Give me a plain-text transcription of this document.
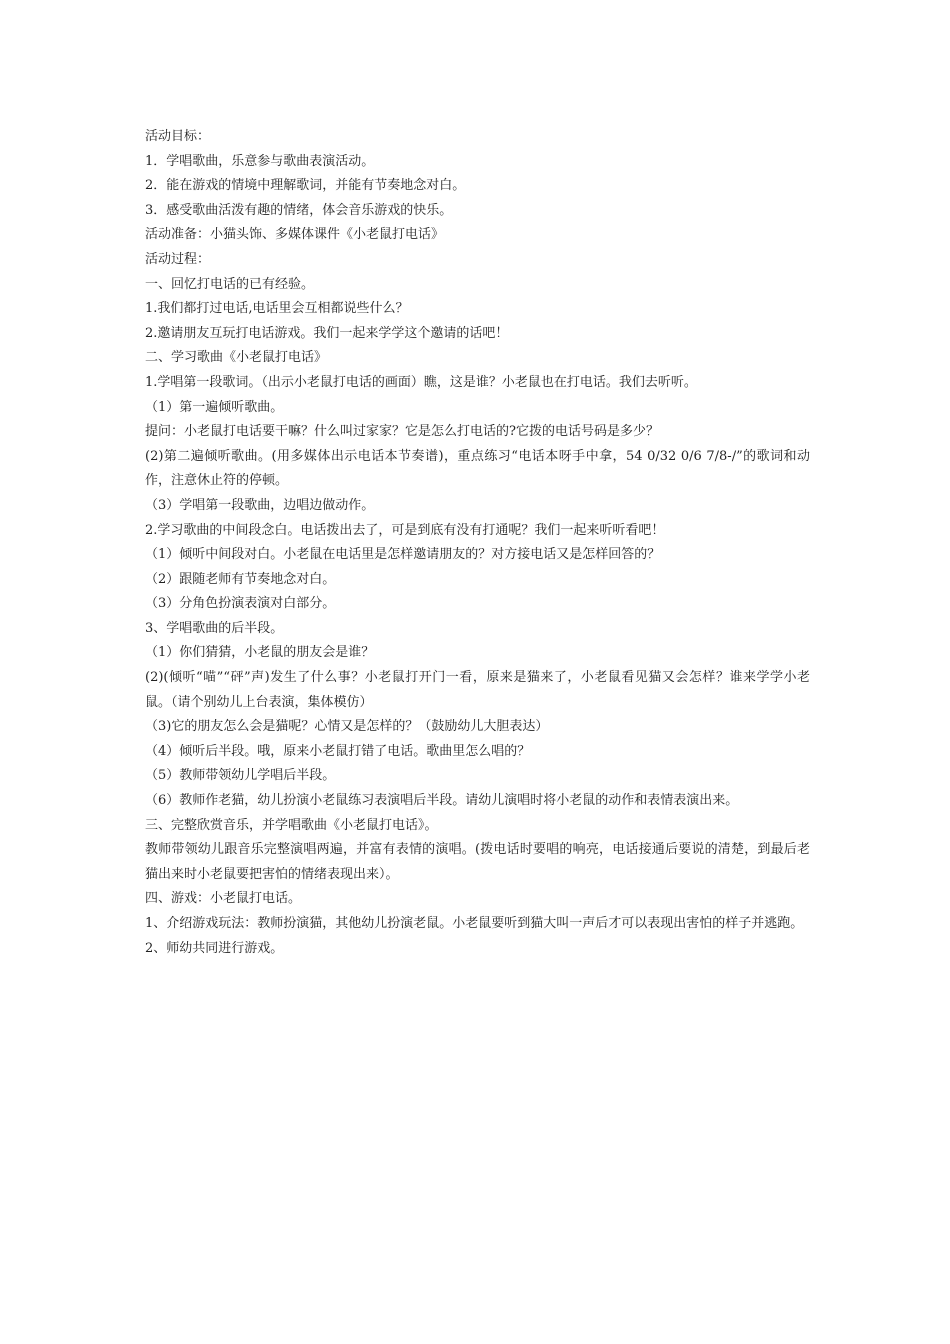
活动目标：

1．学唱歌曲，乐意参与歌曲表演活动。

2．能在游戏的情境中理解歌词，并能有节奏地念对白。

3．感受歌曲活泼有趣的情绪，体会音乐游戏的快乐。

活动准备：小猫头饰、多媒体课件《小老鼠打电话》

活动过程：

一、回忆打电话的已有经验。

1.我们都打过电话,电话里会互相都说些什么？

2.邀请朋友互玩打电话游戏。我们一起来学学这个邀请的话吧！

二、学习歌曲《小老鼠打电话》

1.学唱第一段歌词。（出示小老鼠打电话的画面）瞧，这是谁？小老鼠也在打电话。我们去听听。

（1）第一遍倾听歌曲。

提问：小老鼠打电话要干嘛？什么叫过家家？它是怎么打电话的?它拨的电话号码是多少？

(2)第二遍倾听歌曲。(用多媒体出示电话本节奏谱)，重点练习“电话本呀手中拿，54 0/32 0/6 7/8-/”的歌词和动作，注意休止符的停顿。

（3）学唱第一段歌曲，边唱边做动作。

2.学习歌曲的中间段念白。电话拨出去了，可是到底有没有打通呢？我们一起来听听看吧！

（1）倾听中间段对白。小老鼠在电话里是怎样邀请朋友的？对方接电话又是怎样回答的？

（2）跟随老师有节奏地念对白。

（3）分角色扮演表演对白部分。

3、学唱歌曲的后半段。

（1）你们猜猜，小老鼠的朋友会是谁？

(2)(倾听“喵”“砰”声)发生了什么事？小老鼠打开门一看，原来是猫来了，小老鼠看见猫又会怎样？谁来学学小老鼠。（请个别幼儿上台表演，集体模仿）

（3)它的朋友怎么会是猫呢？心情又是怎样的？（鼓励幼儿大胆表达）

（4）倾听后半段。哦，原来小老鼠打错了电话。歌曲里怎么唱的？

（5）教师带领幼儿学唱后半段。

（6）教师作老猫，幼儿扮演小老鼠练习表演唱后半段。请幼儿演唱时将小老鼠的动作和表情表演出来。

三、完整欣赏音乐，并学唱歌曲《小老鼠打电话》。

教师带领幼儿跟音乐完整演唱两遍，并富有表情的演唱。(拨电话时要唱的响亮，电话接通后要说的清楚，到最后老猫出来时小老鼠要把害怕的情绪表现出来）。

四、游戏：小老鼠打电话。

1、介绍游戏玩法：教师扮演猫，其他幼儿扮演老鼠。小老鼠要听到猫大叫一声后才可以表现出害怕的样子并逃跑。

2、师幼共同进行游戏。
